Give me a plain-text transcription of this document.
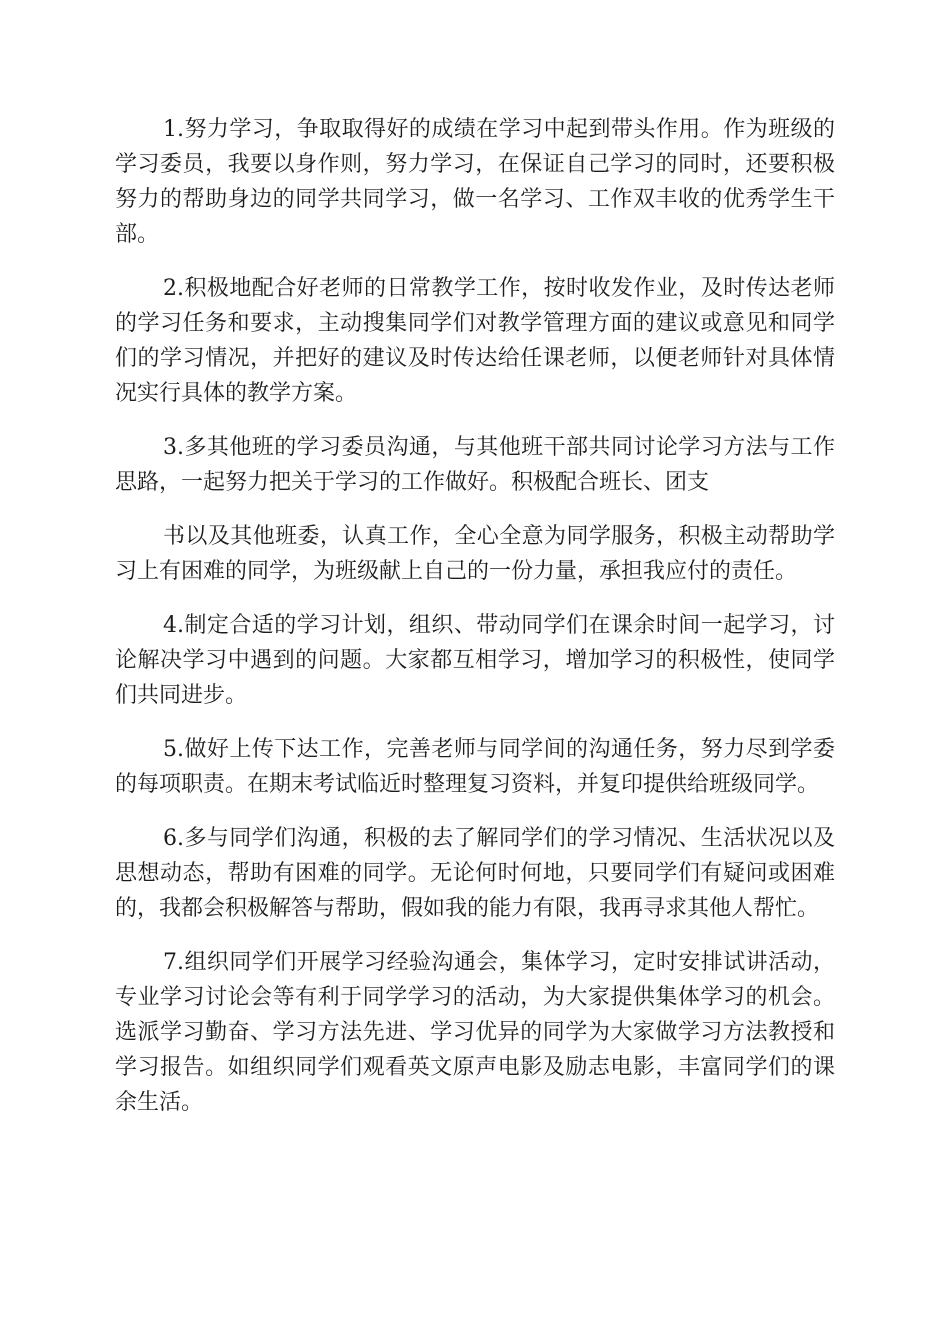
1.努力学习，争取取得好的成绩在学习中起到带头作用。作为班级的学习委员，我要以身作则，努力学习，在保证自己学习的同时，还要积极努力的帮助身边的同学共同学习，做一名学习、工作双丰收的优秀学生干部。

2.积极地配合好老师的日常教学工作，按时收发作业，及时传达老师的学习任务和要求，主动搜集同学们对教学管理方面的建议或意见和同学们的学习情况，并把好的建议及时传达给任课老师，以便老师针对具体情况实行具体的教学方案。

3.多其他班的学习委员沟通，与其他班干部共同讨论学习方法与工作思路，一起努力把关于学习的工作做好。积极配合班长、团支

书以及其他班委，认真工作，全心全意为同学服务，积极主动帮助学习上有困难的同学，为班级献上自己的一份力量，承担我应付的责任。

4.制定合适的学习计划，组织、带动同学们在课余时间一起学习，讨论解决学习中遇到的问题。大家都互相学习，增加学习的积极性，使同学们共同进步。

5.做好上传下达工作，完善老师与同学间的沟通任务，努力尽到学委的每项职责。在期末考试临近时整理复习资料，并复印提供给班级同学。

6.多与同学们沟通，积极的去了解同学们的学习情况、生活状况以及思想动态，帮助有困难的同学。无论何时何地，只要同学们有疑问或困难的，我都会积极解答与帮助，假如我的能力有限，我再寻求其他人帮忙。

7.组织同学们开展学习经验沟通会，集体学习，定时安排试讲活动，专业学习讨论会等有利于同学学习的活动，为大家提供集体学习的机会。选派学习勤奋、学习方法先进、学习优异的同学为大家做学习方法教授和学习报告。如组织同学们观看英文原声电影及励志电影，丰富同学们的课余生活。
